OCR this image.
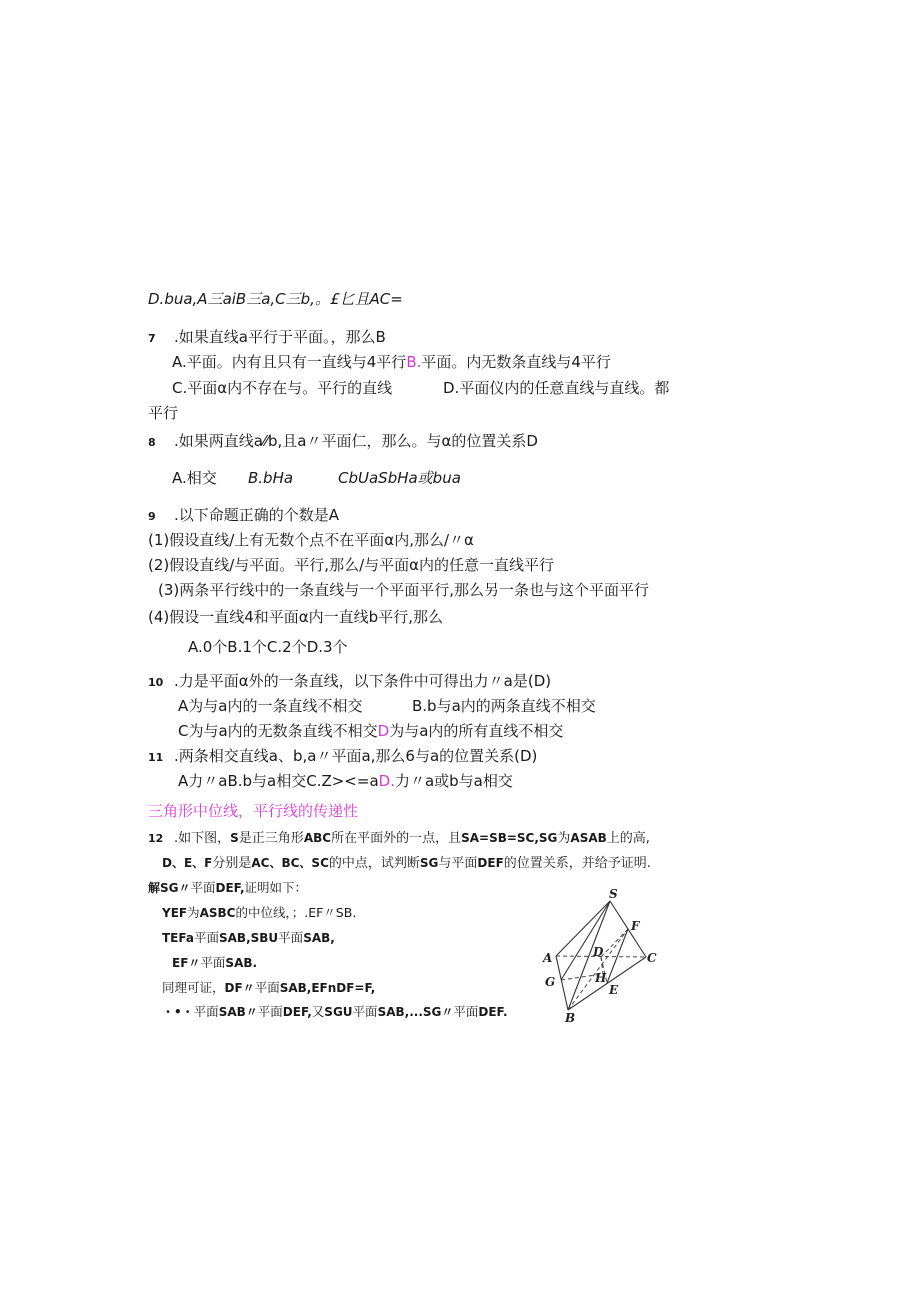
D.bua,A三aiB三a,C三b,。£匕且AC=
7 .如果直线a平行于平面。，那么B
A.平面。内有且只有一直线与4平行B.平面。内无数条直线与4平行
C.平面α内不存在与。平行的直线	D.平面仪内的任意直线与直线。都
平行
8 .如果两直线a⁄⁄b,且a〃平面仁，那么。与α的位置关系D
A.相交 B.bHa	CbUaSbHa或bua
9 .以下命题正确的个数是A
(1)假设直线/上有无数个点不在平面α内,那么/〃α
(2)假设直线/与平面。平行,那么/与平面α内的任意一直线平行
(3)两条平行线中的一条直线与一个平面平行,那么另一条也与这个平面平行
(4)假设一直线4和平面α内一直线b平行,那么
A.0个B.1个C.2个D.3个
10 .力是平面α外的一条直线，以下条件中可得出力〃a是(D)
A为与a内的一条直线不相交	B.b与a内的两条直线不相交
C为与a内的无数条直线不相交D为与a内的所有直线不相交
11 .两条相交直线a、b,a〃平面a,那么6与a的位置关系(D)
A力〃aB.b与a相交C.Z><=aD.力〃a或b与a相交
三角形中位线，平行线的传递性
12 .如下图，S是正三角形ABC所在平面外的一点，且SA=SB=SC,SG为ASAB上的高,
D、E、F分别是AC、BC、SC的中点，试判断SG与平面DEF的位置关系，并给予证明.
解SG〃平面DEF,证明如下：
YEF为ASBC的中位线，；.EF〃SB.
TEFa平面SAB,SBU平面SAB,
EF〃平面SAB.
同理可证，DF〃平面SAB,EFnDF=F,
・•・平面SAB〃平面DEF,又SGU平面SAB,...SG〃平面DEF.
S
F
D
A	C
G	H
E
B
